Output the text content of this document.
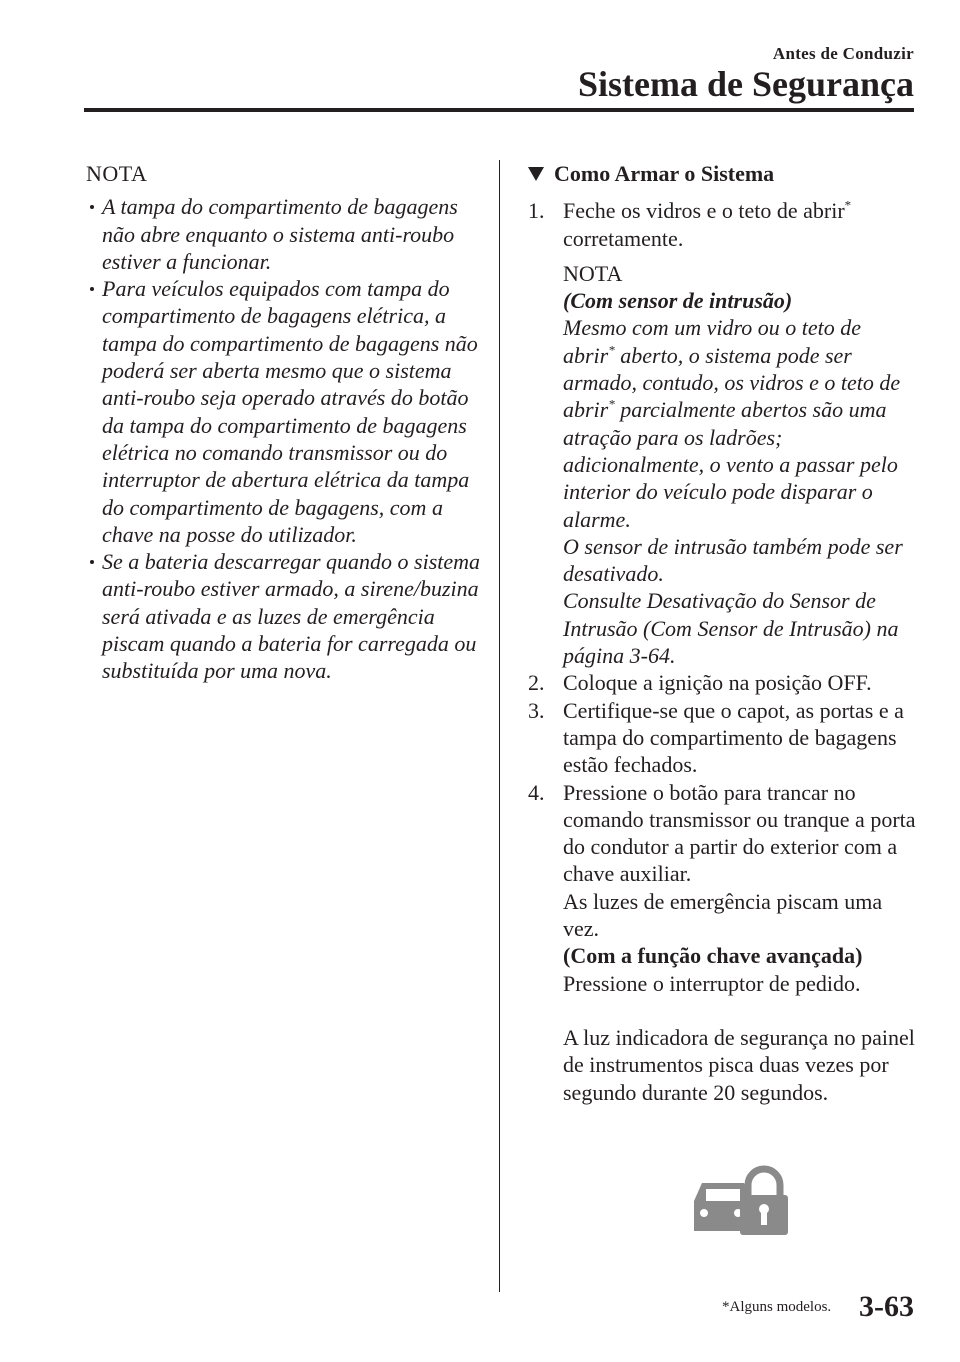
Antes de Conduzir
Sistema de Segurança
NOTA
A tampa do compartimento de bagagens não abre enquanto o sistema anti-roubo estiver a funcionar.
Para veículos equipados com tampa do compartimento de bagagens elétrica, a tampa do compartimento de bagagens não poderá ser aberta mesmo que o sistema anti-roubo seja operado através do botão da tampa do compartimento de bagagens elétrica no comando transmissor ou do interruptor de abertura elétrica da tampa do compartimento de bagagens, com a chave na posse do utilizador.
Se a bateria descarregar quando o sistema anti-roubo estiver armado, a sirene/buzina será ativada e as luzes de emergência piscam quando a bateria for carregada ou substituída por uma nova.
Como Armar o Sistema
1. Feche os vidros e o teto de abrir* corretamente.
NOTA
(Com sensor de intrusão)
Mesmo com um vidro ou o teto de abrir* aberto, o sistema pode ser armado, contudo, os vidros e o teto de abrir* parcialmente abertos são uma atração para os ladrões; adicionalmente, o vento a passar pelo interior do veículo pode disparar o alarme.
O sensor de intrusão também pode ser desativado.
Consulte Desativação do Sensor de Intrusão (Com Sensor de Intrusão) na página 3-64.
2. Coloque a ignição na posição OFF.
3. Certifique-se que o capot, as portas e a tampa do compartimento de bagagens estão fechados.
4. Pressione o botão para trancar no comando transmissor ou tranque a porta do condutor a partir do exterior com a chave auxiliar.
As luzes de emergência piscam uma vez.
(Com a função chave avançada)
Pressione o interruptor de pedido.
A luz indicadora de segurança no painel de instrumentos pisca duas vezes por segundo durante 20 segundos.
*Alguns modelos. 3-63
